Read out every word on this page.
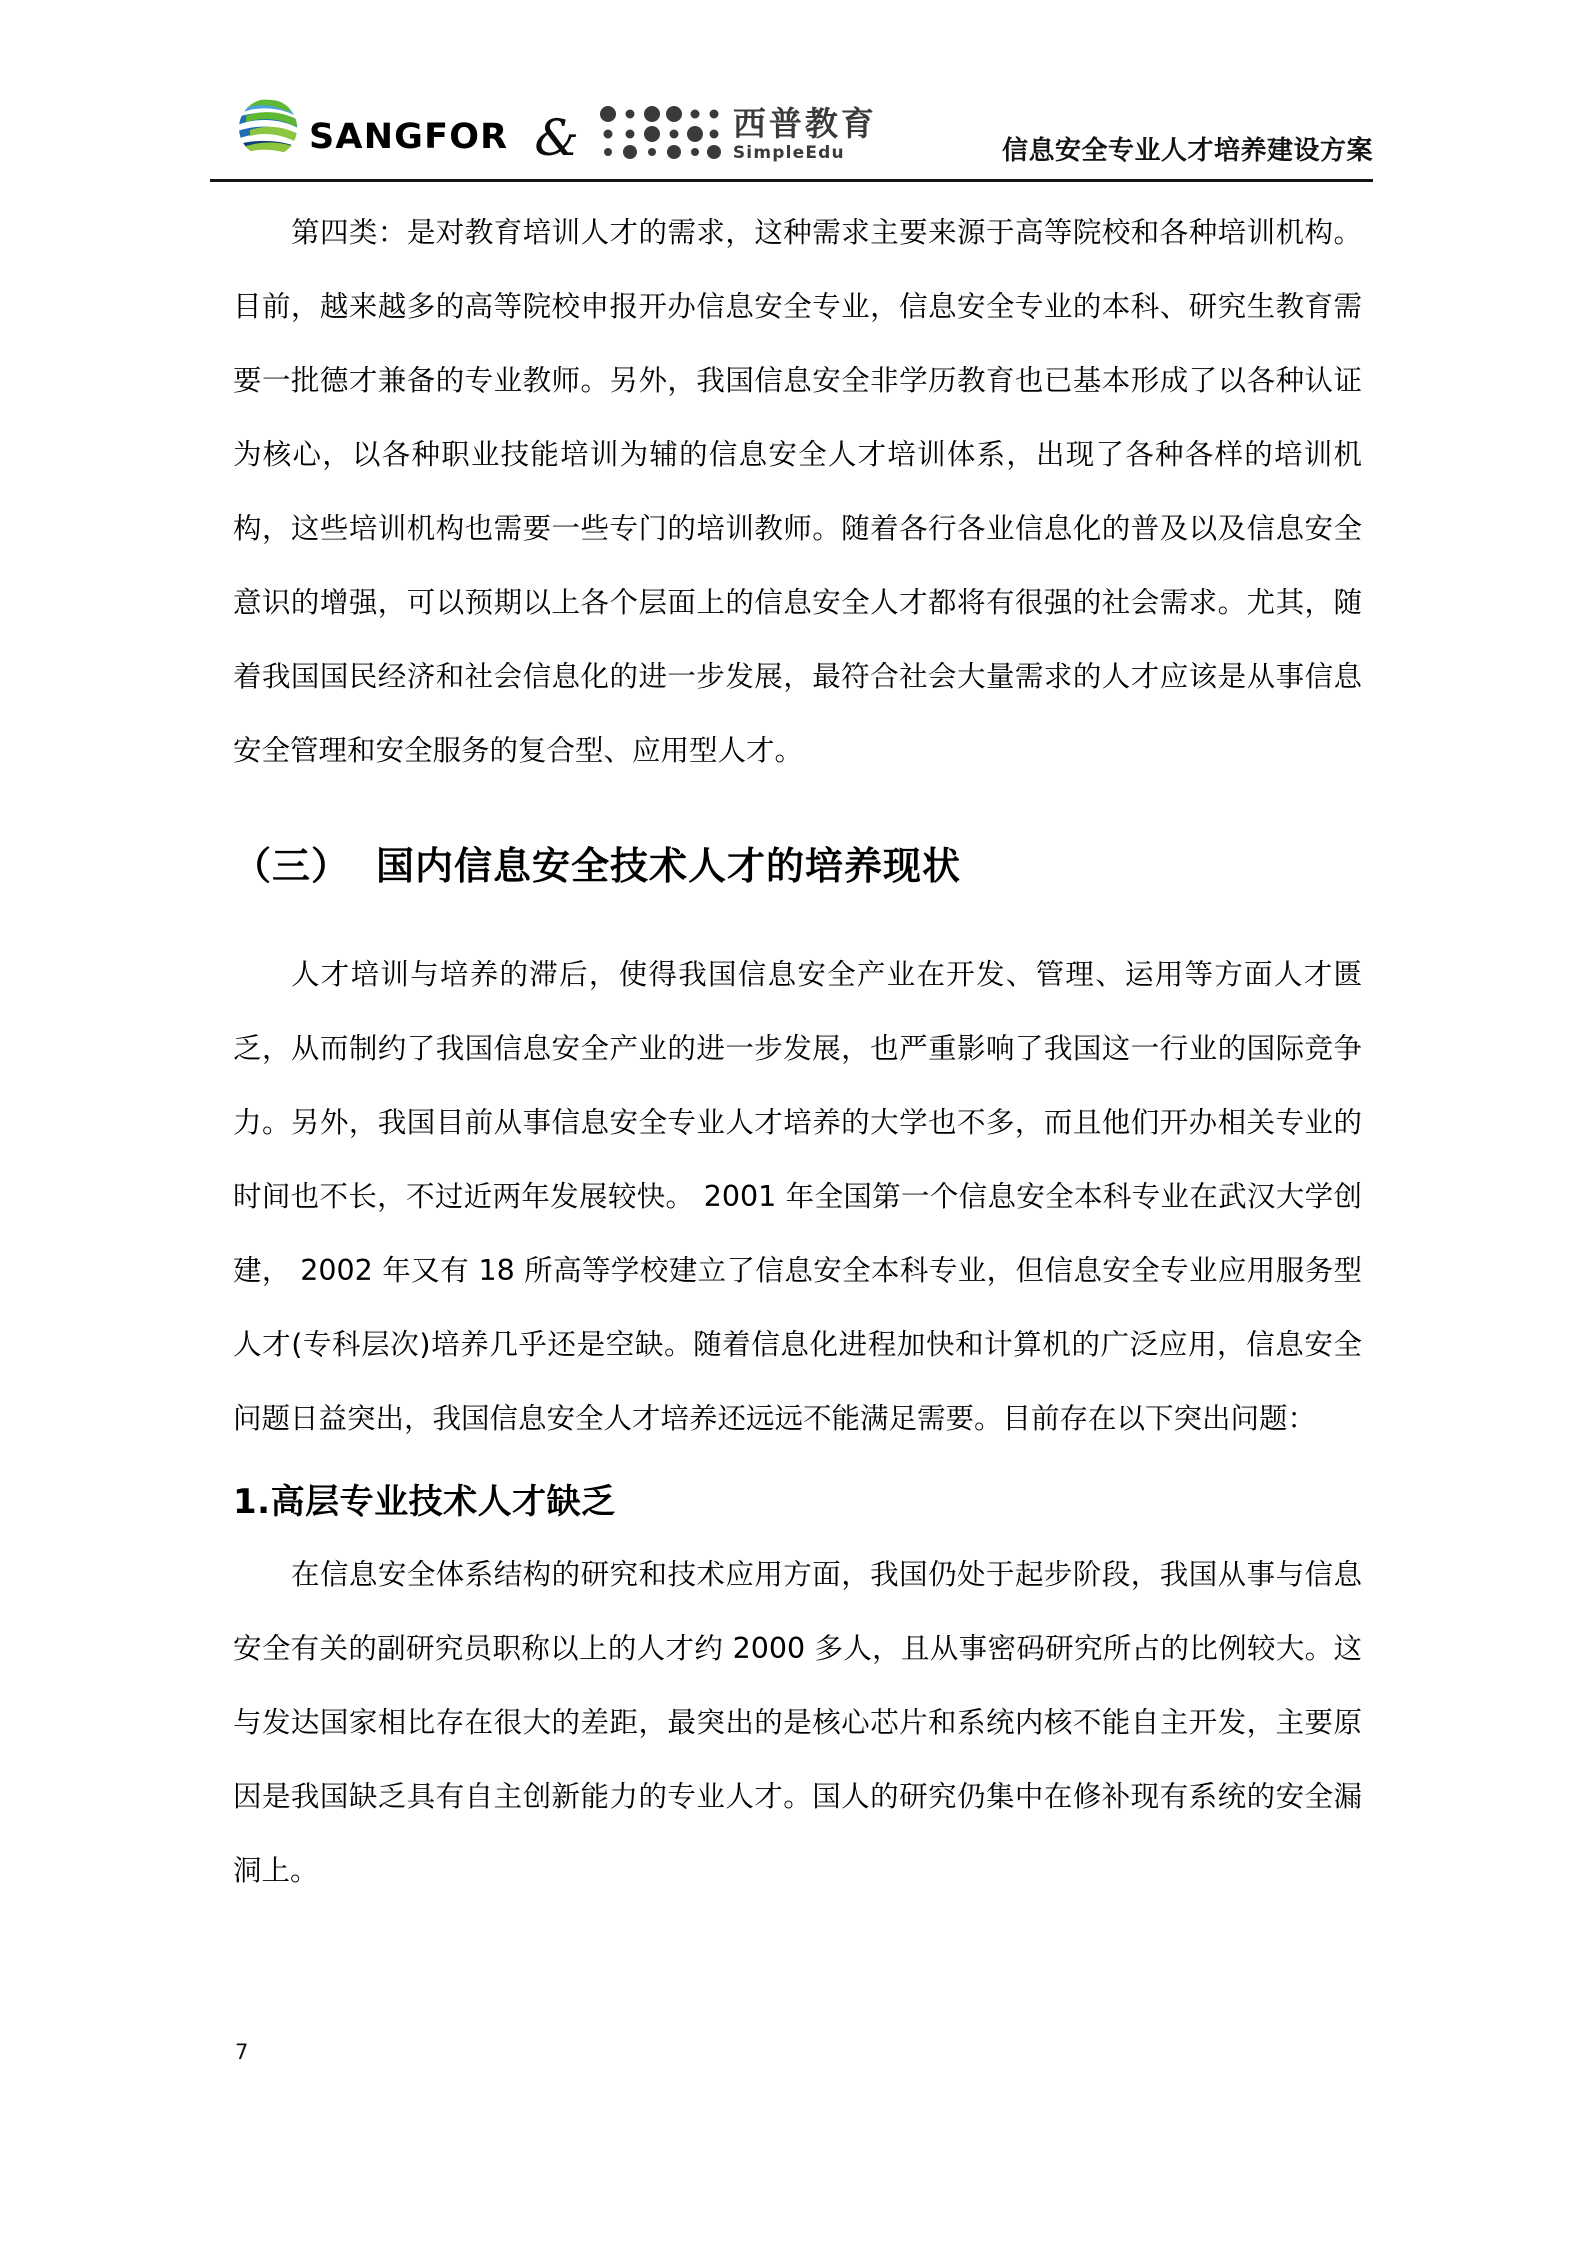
SANGFOR &	西普教育
SimpleEdu	信息安全专业人才培养建设方案

第四类：是对教育培训人才的需求，这种需求主要来源于高等院校和各种培训机构。目前，越来越多的高等院校申报开办信息安全专业，信息安全专业的本科、研究生教育需要一批德才兼备的专业教师。另外，我国信息安全非学历教育也已基本形成了以各种认证为核心，以各种职业技能培训为辅的信息安全人才培训体系，出现了各种各样的培训机构，这些培训机构也需要一些专门的培训教师。随着各行各业信息化的普及以及信息安全意识的增强，可以预期以上各个层面上的信息安全人才都将有很强的社会需求。尤其，随着我国国民经济和社会信息化的进一步发展，最符合社会大量需求的人才应该是从事信息安全管理和安全服务的复合型、应用型人才。

（三） 国内信息安全技术人才的培养现状

人才培训与培养的滞后，使得我国信息安全产业在开发、管理、运用等方面人才匮乏，从而制约了我国信息安全产业的进一步发展，也严重影响了我国这一行业的国际竞争力。另外，我国目前从事信息安全专业人才培养的大学也不多，而且他们开办相关专业的时间也不长，不过近两年发展较快。 2001 年全国第一个信息安全本科专业在武汉大学创建， 2002 年又有 18 所高等学校建立了信息安全本科专业，但信息安全专业应用服务型人才(专科层次)培养几乎还是空缺。随着信息化进程加快和计算机的广泛应用，信息安全问题日益突出，我国信息安全人才培养还远远不能满足需要。目前存在以下突出问题：

1.高层专业技术人才缺乏

在信息安全体系结构的研究和技术应用方面，我国仍处于起步阶段，我国从事与信息安全有关的副研究员职称以上的人才约 2000 多人，且从事密码研究所占的比例较大。这与发达国家相比存在很大的差距，最突出的是核心芯片和系统内核不能自主开发，主要原因是我国缺乏具有自主创新能力的专业人才。国人的研究仍集中在修补现有系统的安全漏洞上。

7
